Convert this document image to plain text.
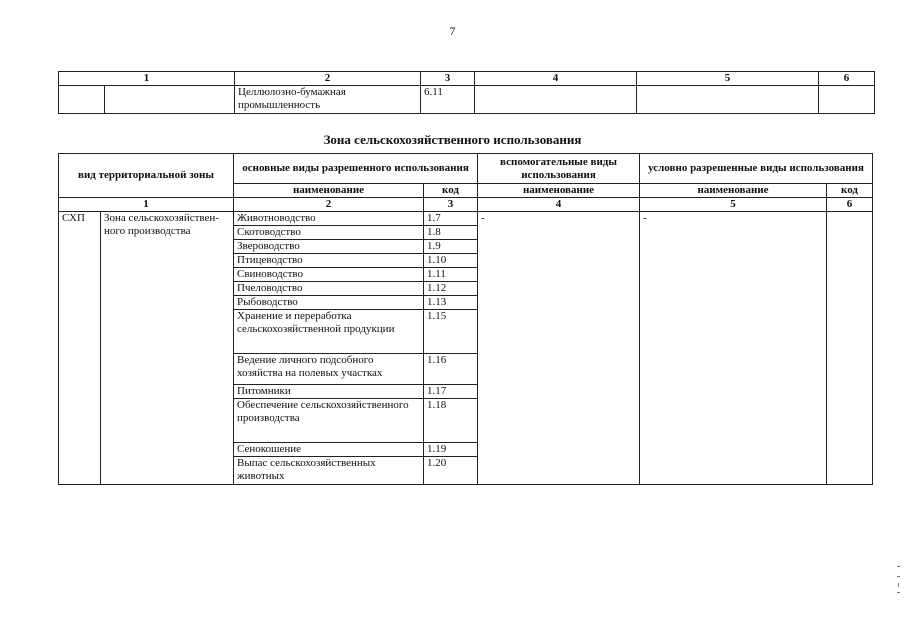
7
1		2	3	4	5	6
		Целлюлозно-бумажная промышленность	6.11			
Зона сельскохозяйственного использования
вид территориальной зоны		основные виды разрешенного использования		вспомогательные виды использования	условно разрешенные виды использования	
		наименование	код	наименование	наименование	код
1		2	3	4	5	6
СХП	Зона сельскохозяйствен-ного производства	Животноводство	1.7	-	-	
		Скотоводство	1.8			
		Звероводство	1.9			
		Птицеводство	1.10			
		Свиноводство	1.11			
		Пчеловодство	1.12			
		Рыбоводство	1.13			
		Хранение и переработка сельскохозяйственной продукции	1.15			
		Ведение личного подсобного хозяйства на полевых участках	1.16			
		Питомники	1.17			
		Обеспечение сельскохозяйственного производства	1.18			
		Сенокошение	1.19			
		Выпас сельскохозяйственных животных	1.20			
